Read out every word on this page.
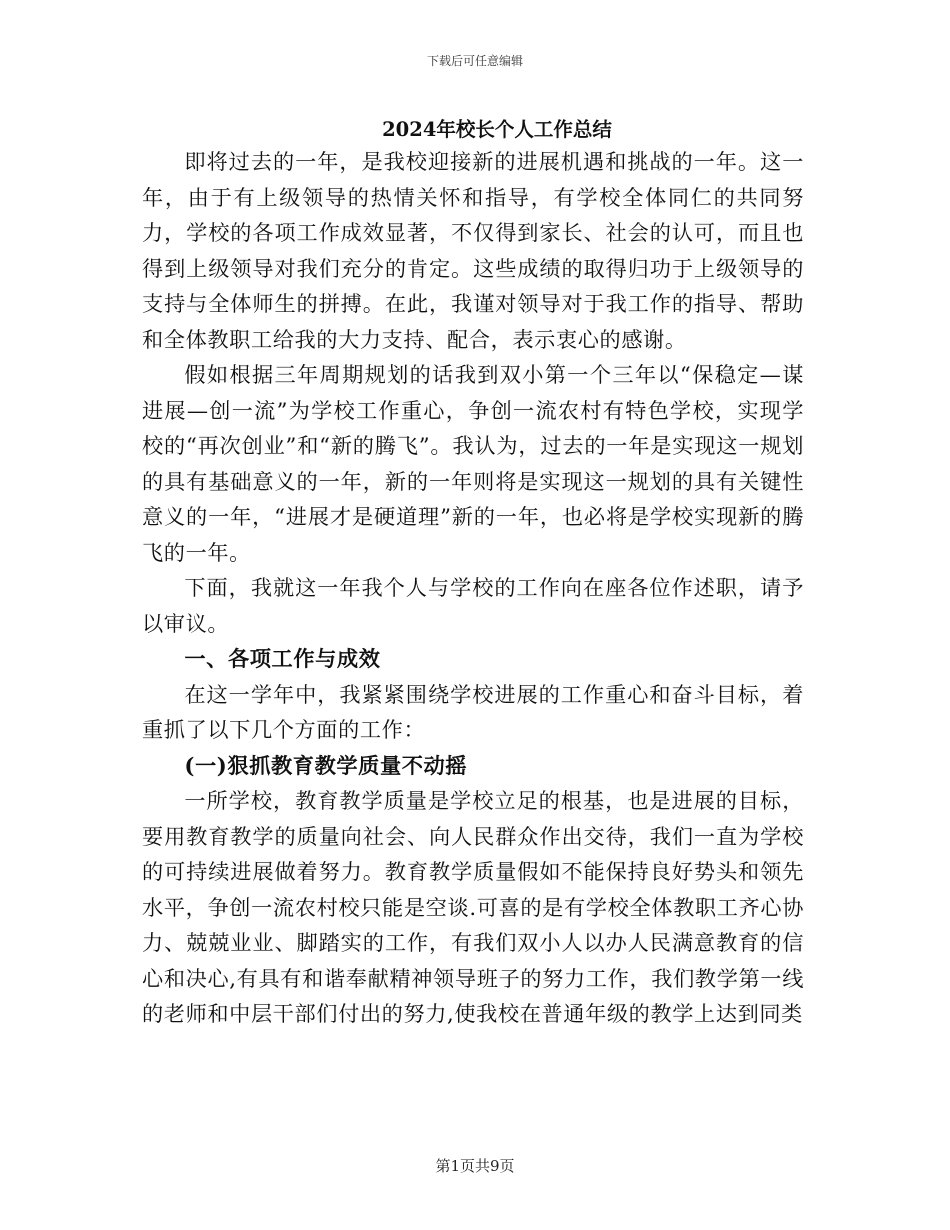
下载后可任意编辑
2024年校长个人工作总结

即将过去的一年，是我校迎接新的进展机遇和挑战的一年。这一年，由于有上级领导的热情关怀和指导，有学校全体同仁的共同努力，学校的各项工作成效显著，不仅得到家长、社会的认可，而且也得到上级领导对我们充分的肯定。这些成绩的取得归功于上级领导的支持与全体师生的拼搏。在此，我谨对领导对于我工作的指导、帮助和全体教职工给我的大力支持、配合，表示衷心的感谢。

假如根据三年周期规划的话我到双小第一个三年以“保稳定—谋进展—创一流”为学校工作重心，争创一流农村有特色学校，实现学校的“再次创业”和“新的腾飞”。我认为，过去的一年是实现这一规划的具有基础意义的一年，新的一年则将是实现这一规划的具有关键性意义的一年，“进展才是硬道理”新的一年，也必将是学校实现新的腾飞的一年。

下面，我就这一年我个人与学校的工作向在座各位作述职，请予以审议。

一、各项工作与成效

在这一学年中，我紧紧围绕学校进展的工作重心和奋斗目标，着重抓了以下几个方面的工作：

(一)狠抓教育教学质量不动摇

一所学校，教育教学质量是学校立足的根基，也是进展的目标，要用教育教学的质量向社会、向人民群众作出交待，我们一直为学校的可持续进展做着努力。教育教学质量假如不能保持良好势头和领先水平，争创一流农村校只能是空谈.可喜的是有学校全体教职工齐心协力、兢兢业业、脚踏实的工作，有我们双小人以办人民满意教育的信心和决心,有具有和谐奉献精神领导班子的努力工作，我们教学第一线的老师和中层干部们付出的努力,使我校在普通年级的教学上达到同类

第1页共9页
